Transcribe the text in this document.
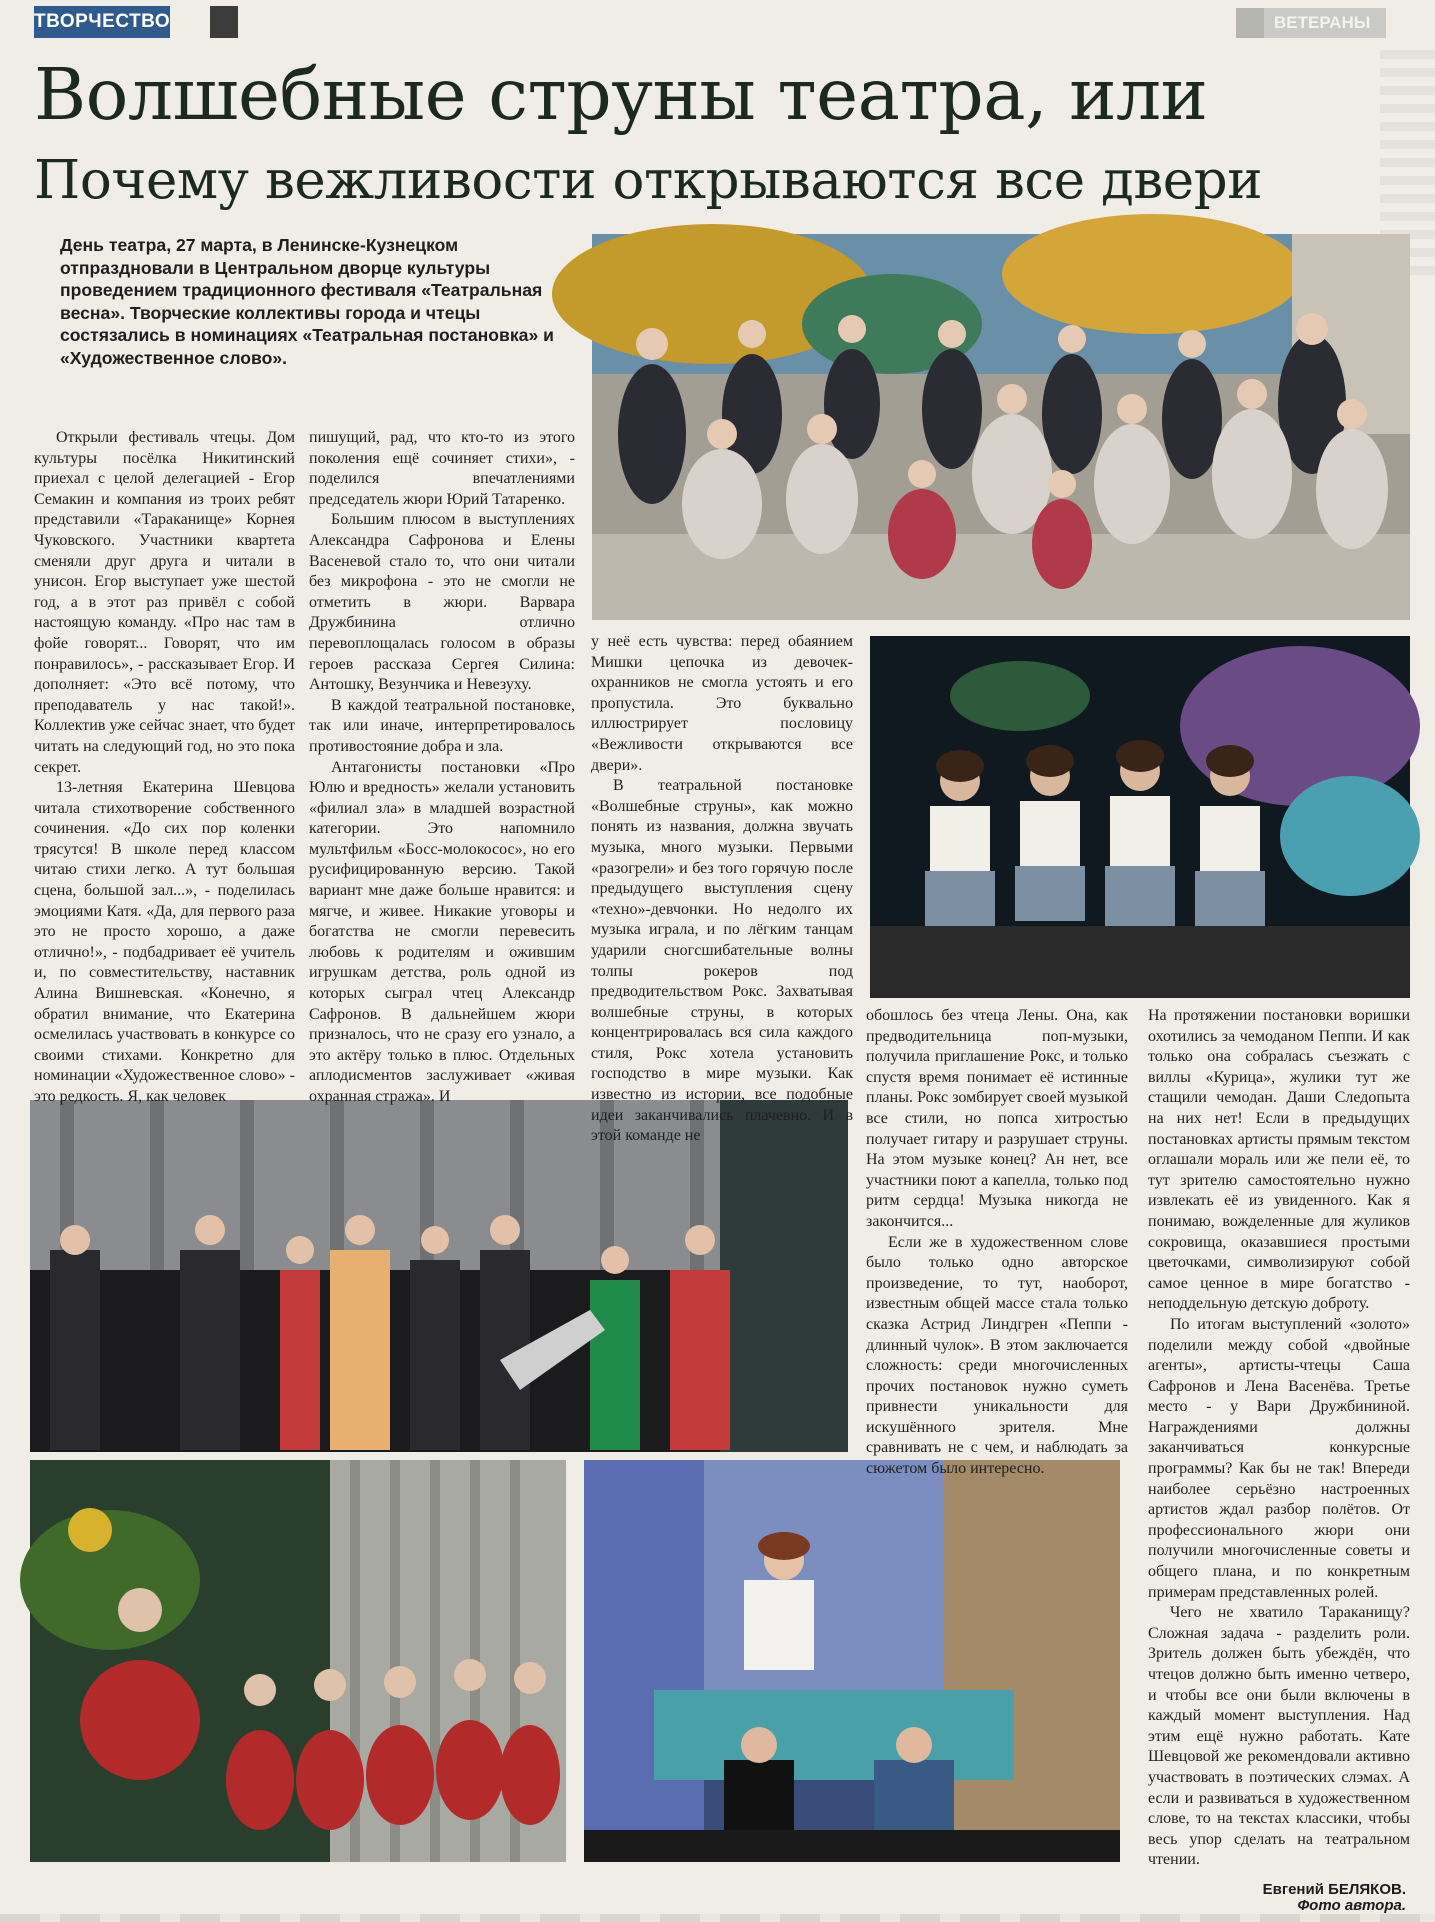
ТВОРЧЕСТВО	ВЕТЕРАНЫ
Волшебные струны театра, или
Почему вежливости открываются все двери
День театра, 27 марта, в Ленинске-Кузнецком отпраздновали в Центральном дворце культуры проведением традиционного фестиваля «Театральная весна». Творческие коллективы города и чтецы состязались в номинациях «Театральная постановка» и «Художественное слово».

Открыли фестиваль чтецы. Дом культуры посёлка Никитинский приехал с целой делегацией - Егор Семакин и компания из троих ребят представили «Тараканище» Корнея Чуковского. Участники квартета сменяли друг друга и читали в унисон. Егор выступает уже шестой год, а в этот раз привёл с собой настоящую команду. «Про нас там в фойе говорят... Говорят, что им понравилось», - рассказывает Егор. И дополняет: «Это всё потому, что преподаватель у нас такой!». Коллектив уже сейчас знает, что будет читать на следующий год, но это пока секрет.

13-летняя Екатерина Шевцова читала стихотворение собственного сочинения. «До сих пор коленки трясутся! В школе перед классом читаю стихи легко. А тут большая сцена, большой зал...», - поделилась эмоциями Катя. «Да, для первого раза это не просто хорошо, а даже отлично!», - подбадривает её учитель и, по совместительству, наставник Алина Вишневская. «Конечно, я обратил внимание, что Екатерина осмелилась участвовать в конкурсе со своими стихами. Конкретно для номинации «Художественное слово» - это редкость. Я, как человек

пишущий, рад, что кто-то из этого поколения ещё сочиняет стихи», - поделился впечатлениями председатель жюри Юрий Татаренко.

Большим плюсом в выступлениях Александра Сафронова и Елены Васеневой стало то, что они читали без микрофона - это не смогли не отметить в жюри. Варвара Дружбинина отлично перевоплощалась голосом в образы героев рассказа Сергея Силина: Антошку, Везунчика и Невезуху.

В каждой театральной постановке, так или иначе, интерпретировалось противостояние добра и зла.

Антагонисты постановки «Про Юлю и вредность» желали установить «филиал зла» в младшей возрастной категории. Это напомнило мультфильм «Босс-молокосос», но его русифицированную версию. Такой вариант мне даже больше нравится: и мягче, и живее. Никакие уговоры и богатства не смогли перевесить любовь к родителям и ожившим игрушкам детства, роль одной из которых сыграл чтец Александр Сафронов. В дальнейшем жюри призналось, что не сразу его узнало, а это актёру только в плюс. Отдельных аплодисментов заслуживает «живая охранная стража». И

у неё есть чувства: перед обаянием Мишки цепочка из девочек-охранников не смогла устоять и его пропустила. Это буквально иллюстрирует пословицу «Вежливости открываются все двери».

В театральной постановке «Волшебные струны», как можно понять из названия, должна звучать музыка, много музыки. Первыми «разогрели» и без того горячую после предыдущего выступления сцену «техно»-девчонки. Но недолго их музыка играла, и по лёгким танцам ударили сногсшибательные волны толпы рокеров под предводительством Рокс. Захватывая волшебные струны, в которых концентрировалась вся сила каждого стиля, Рокс хотела установить господство в мире музыки. Как известно из истории, все подобные идеи заканчивались плачевно. И в этой команде не

обошлось без чтеца Лены. Она, как предводительница поп-музыки, получила приглашение Рокс, и только спустя время понимает её истинные планы. Рокс зомбирует своей музыкой все стили, но попса хитростью получает гитару и разрушает струны. На этом музыке конец? Ан нет, все участники поют а капелла, только под ритм сердца! Музыка никогда не закончится...

Если же в художественном слове было только одно авторское произведение, то тут, наоборот, известным общей массе стала только сказка Астрид Линдгрен «Пеппи - длинный чулок». В этом заключается сложность: среди многочисленных прочих постановок нужно суметь привнести уникальности для искушённого зрителя. Мне сравнивать не с чем, и наблюдать за сюжетом было интересно.

На протяжении постановки воришки охотились за чемоданом Пеппи. И как только она собралась съезжать с виллы «Курица», жулики тут же стащили чемодан. Даши Следопыта на них нет! Если в предыдущих постановках артисты прямым текстом оглашали мораль или же пели её, то тут зрителю самостоятельно нужно извлекать её из увиденного. Как я понимаю, вожделенные для жуликов сокровища, оказавшиеся простыми цветочками, символизируют собой самое ценное в мире богатство - неподдельную детскую доброту.

По итогам выступлений «золото» поделили между собой «двойные агенты», артисты-чтецы Саша Сафронов и Лена Васенёва. Третье место - у Вари Дружбининой. Награждениями должны заканчиваться конкурсные программы? Как бы не так! Впереди наиболее серьёзно настроенных артистов ждал разбор полётов. От профессионального жюри они получили многочисленные советы и общего плана, и по конкретным примерам представленных ролей.

Чего не хватило Тараканищу? Сложная задача - разделить роли. Зритель должен быть убеждён, что чтецов должно быть именно четверо, и чтобы все они были включены в каждый момент выступления. Над этим ещё нужно работать. Кате Шевцовой же рекомендовали активно участвовать в поэтических слэмах. А если и развиваться в художественном слове, то на текстах классики, чтобы весь упор сделать на театральном чтении.

Евгений БЕЛЯКОВ.
Фото автора.
